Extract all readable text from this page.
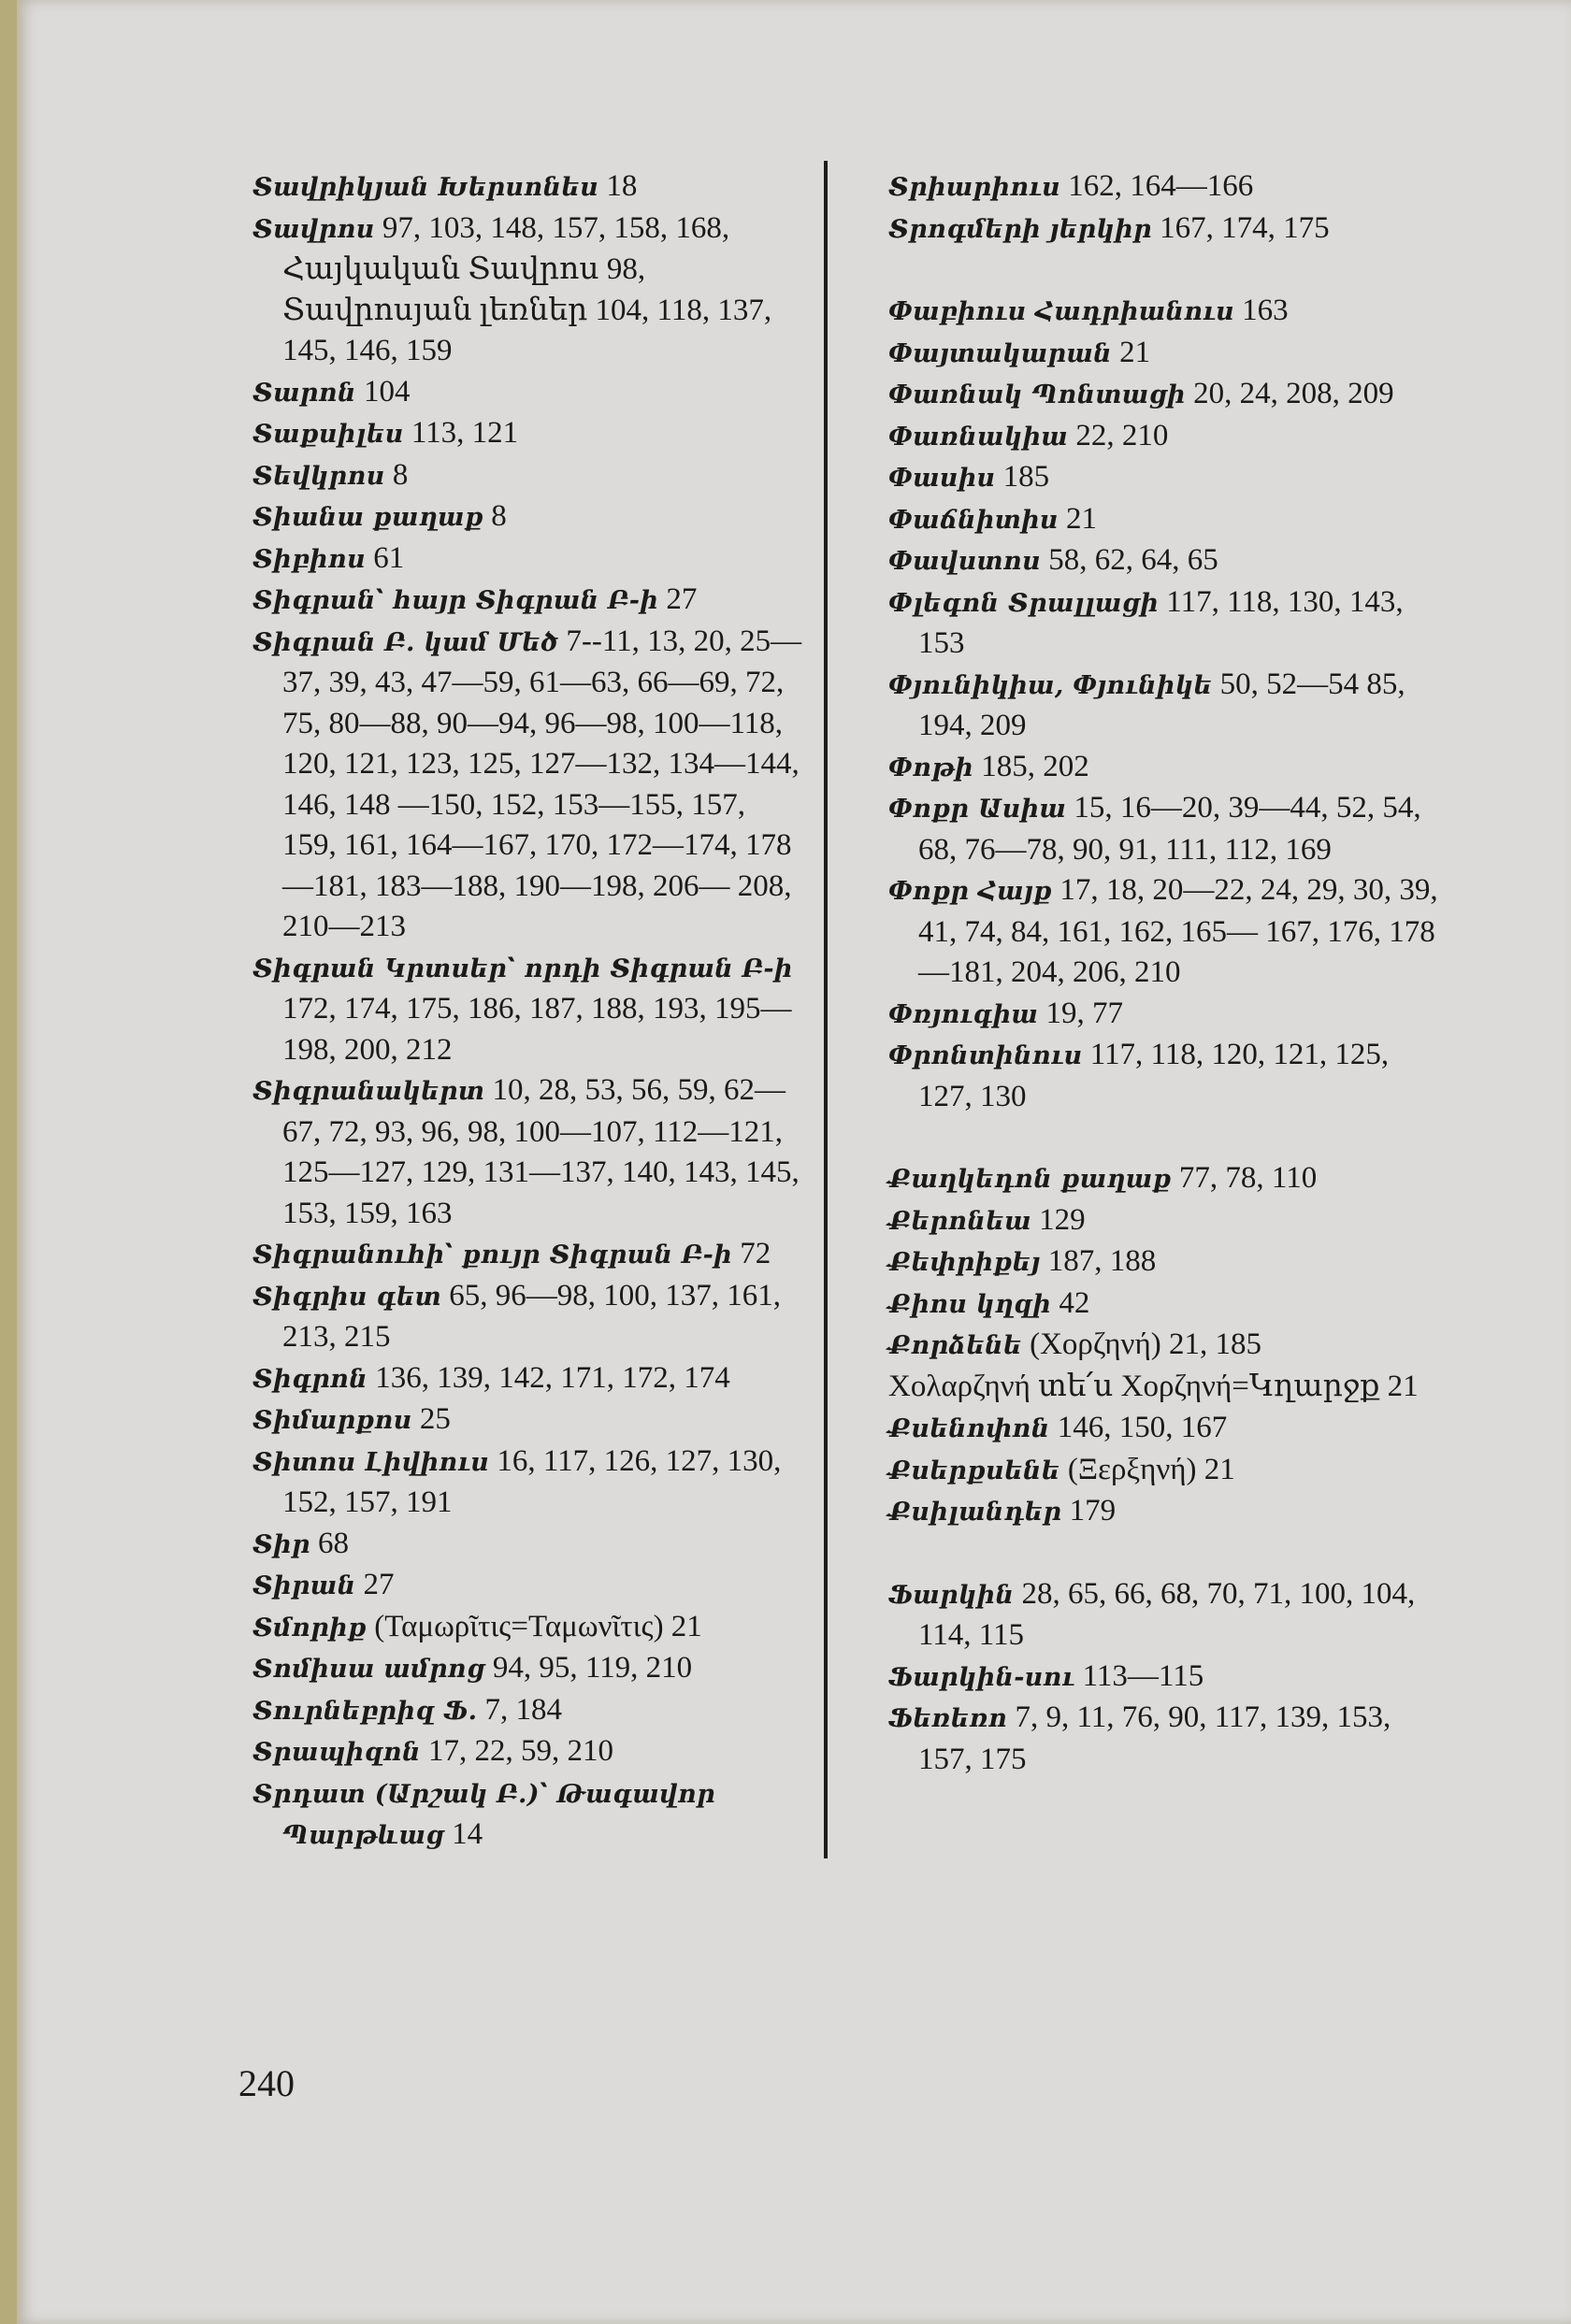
Տավրիկյան Խերսոնես 18

Տավրոս 97, 103, 148, 157, 158, 168, Հայկական Տավրոս 98, Տավրոսյան լեռներ 104, 118, 137, 145, 146, 159

Տարոն 104

Տաքսիլես 113, 121

Տեվկրոս 8

Տիանա քաղաք 8

Տիբիոս 61

Տիգրան՝ հայր Տիգրան Բ-ի 27

Տիգրան Բ. կամ Մեծ 7--11, 13, 20, 25—37, 39, 43, 47—59, 61—63, 66—69, 72, 75, 80—88, 90—94, 96—98, 100—118, 120, 121, 123, 125, 127—132, 134—144, 146, 148 —150, 152, 153—155, 157, 159, 161, 164—167, 170, 172—174, 178 —181, 183—188, 190—198, 206— 208, 210—213

Տիգրան Կրտսեր՝ որդի Տիգրան Բ-ի 172, 174, 175, 186, 187, 188, 193, 195—198, 200, 212

Տիգրանակերտ 10, 28, 53, 56, 59, 62—67, 72, 93, 96, 98, 100—107, 112—121, 125—127, 129, 131—137, 140, 143, 145, 153, 159, 163

Տիգրանուհի՝ քույր Տիգրան Բ-ի 72

Տիգրիս գետ 65, 96—98, 100, 137, 161, 213, 215

Տիգրոն 136, 139, 142, 171, 172, 174

Տիմարքոս 25

Տիտոս Լիվիուս 16, 117, 126, 127, 130, 152, 157, 191

Տիր 68

Տիրան 27

Տմորիք (Ταμωρῖτις=Ταμωνῖτις) 21

Տոմիսա ամրոց 94, 95, 119, 210

Տուրնեբրիզ Ֆ. 7, 184

Տրապիզոն 17, 22, 59, 210

Տրդատ (Արշակ Բ.)՝ Թագավոր Պարթևաց 14

Տրիարիուս 162, 164—166

Տրոգմերի յերկիր 167, 174, 175

Փաբիուս Հադրիանուս 163

Փայտակարան 21

Փառնակ Պոնտացի 20, 24, 208, 209

Փառնակիա 22, 210

Փասիս 185

Փաճնիտիս 21

Փավստոս 58, 62, 64, 65

Փլեգոն Տրալլացի 117, 118, 130, 143, 153

Փյունիկիա, Փյունիկե 50, 52—54 85, 194, 209

Փոթի 185, 202

Փոքր Ասիա 15, 16—20, 39—44, 52, 54, 68, 76—78, 90, 91, 111, 112, 169

Փոքր Հայք 17, 18, 20—22, 24, 29, 30, 39, 41, 74, 84, 161, 162, 165— 167, 176, 178—181, 204, 206, 210

Փռյուգիա 19, 77

Փրոնտինուս 117, 118, 120, 121, 125, 127, 130

Քաղկեդոն քաղաք 77, 78, 110

Քերոնեա 129

Քեփրիքեյ 187, 188

Քիոս կղզի 42

Քորձենե (Χορζηνή) 21, 185

Χολαρζηνή տե՛ս Χορζηνή=Կղարջք 21

Քսենոփոն 146, 150, 167

Քսերքսենե (Ξερξηνή) 21

Քսիլանդեր 179

Ֆարկին 28, 65, 66, 68, 70, 71, 100, 104, 114, 115

Ֆարկին-սու 113—115

Ֆեռեռո 7, 9, 11, 76, 90, 117, 139, 153, 157, 175

240
